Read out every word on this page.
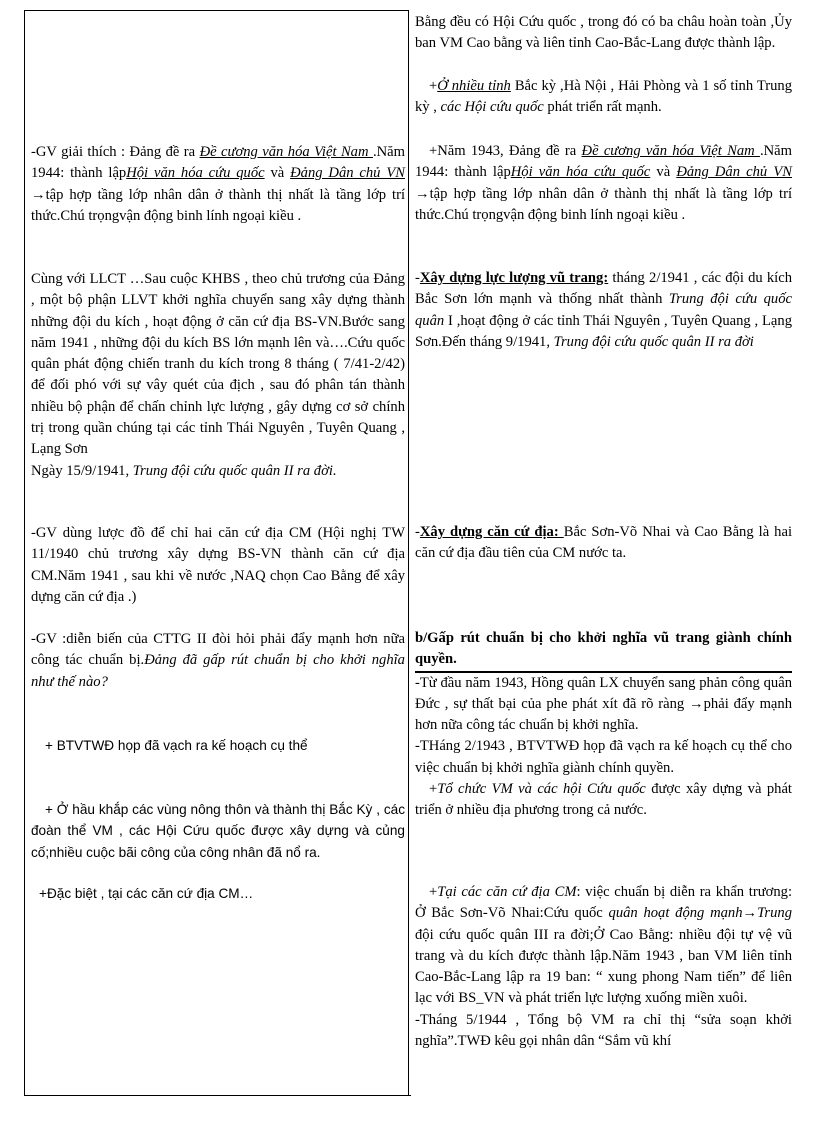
-GV giải thích : Đảng đề ra Đề cương văn hóa Việt Nam .Năm 1944: thành lậpHội văn hóa cứu quốc và Đảng Dân chủ VN →tập hợp tầng lớp nhân dân ở thành thị nhất là tầng lớp trí thức.Chú trọngvận động binh lính ngoại kiều .
Cùng với LLCT …Sau cuộc KHBS , theo chủ trương của Đảng , một bộ phận LLVT khởi nghĩa chuyển sang xây dựng thành những đội du kích , hoạt động ở căn cứ địa BS-VN.Bước sang năm 1941 , những đội du kích BS lớn mạnh lên và….Cứu quốc quân phát động chiến tranh du kích trong 8 tháng ( 7/41-2/42) để đối phó với sự vây quét của địch , sau đó phân tán thành nhiều bộ phận để chấn chỉnh lực lượng , gây dựng cơ sở chính trị trong quần chúng tại các tỉnh Thái Nguyên , Tuyên Quang , Lạng Sơn
Ngày 15/9/1941, Trung đội cứu quốc quân II ra đời.
-GV dùng lược đồ để chỉ hai căn cứ địa CM (Hội nghị TW 11/1940 chủ trương xây dựng BS-VN thành căn cứ địa CM.Năm 1941 , sau khi về nước ,NAQ chọn Cao Bằng để xây dựng căn cứ địa .)
-GV :diễn biến của CTTG II đòi hỏi phải đẩy mạnh hơn nữa công tác chuẩn bị.Đảng đã gấp rút chuẩn bị cho khởi nghĩa như thế nào?
+ BTVTWĐ họp đã vạch ra kế hoạch cụ thể
+ Ở hầu khắp các vùng nông thôn và thành thị Bắc Kỳ , các đoàn thể VM , các Hội Cứu quốc được xây dựng và củng cố;nhiều cuộc bãi công của công nhân đã nổ ra.
+Đặc biệt , tại các căn cứ địa CM…
Bằng đều có Hội Cứu quốc , trong đó có ba châu hoàn toàn ,Ủy ban VM Cao bằng và liên tỉnh Cao-Bắc-Lang được thành lập.
+Ở nhiều tỉnh Bắc kỳ ,Hà Nội , Hải Phòng và 1 số tỉnh Trung kỳ , các Hội cứu quốc phát triển rất mạnh.
+Năm 1943, Đảng đề ra Đề cương văn hóa Việt Nam .Năm 1944: thành lậpHội văn hóa cứu quốc và Đảng Dân chủ VN →tập hợp tầng lớp nhân dân ở thành thị nhất là tầng lớp trí thức.Chú trọngvận động binh lính ngoại kiều .
-Xây dựng lực lượng vũ trang: tháng 2/1941 , các đội du kích Bắc Sơn lớn mạnh và thống nhất thành Trung đội cứu quốc quân I ,hoạt động ở các tỉnh Thái Nguyên , Tuyên Quang , Lạng Sơn.Đến tháng 9/1941, Trung đội cứu quốc quân II ra đời
-Xây dựng căn cứ địa: Bắc Sơn-Võ Nhai và Cao Bằng là hai căn cứ địa đầu tiên của CM nước ta.
b/Gấp rút chuẩn bị cho khởi nghĩa vũ trang giành chính quyền.
-Từ đầu năm 1943, Hồng quân LX chuyển sang phản công quân Đức , sự thất bại của phe phát xít đã rõ ràng →phải đẩy mạnh hơn nữa công tác chuẩn bị khởi nghĩa.
-THáng 2/1943 , BTVTWĐ họp đã vạch ra kế hoạch cụ thể cho việc chuẩn bị khởi nghĩa giành chính quyền.
+Tổ chức VM và các hội Cứu quốc được xây dựng và phát triển ở nhiều địa phương trong cả nước.
+Tại các căn cứ địa CM: việc chuẩn bị diễn ra khẩn trương: Ở Bắc Sơn-Võ Nhai:Cứu quốc quân hoạt động mạnh→Trung đội cứu quốc quân III ra đời;Ở Cao Bằng: nhiều đội tự vệ vũ trang và du kích được thành lập.Năm 1943 , ban VM liên tỉnh Cao-Bắc-Lang lập ra 19 ban: “ xung phong Nam tiến” để liên lạc với BS_VN và phát triển lực lượng xuống miền xuôi.
-Tháng 5/1944 , Tổng bộ VM ra chỉ thị “sửa soạn khởi nghĩa”.TWĐ kêu gọi nhân dân “Sắm vũ khí
